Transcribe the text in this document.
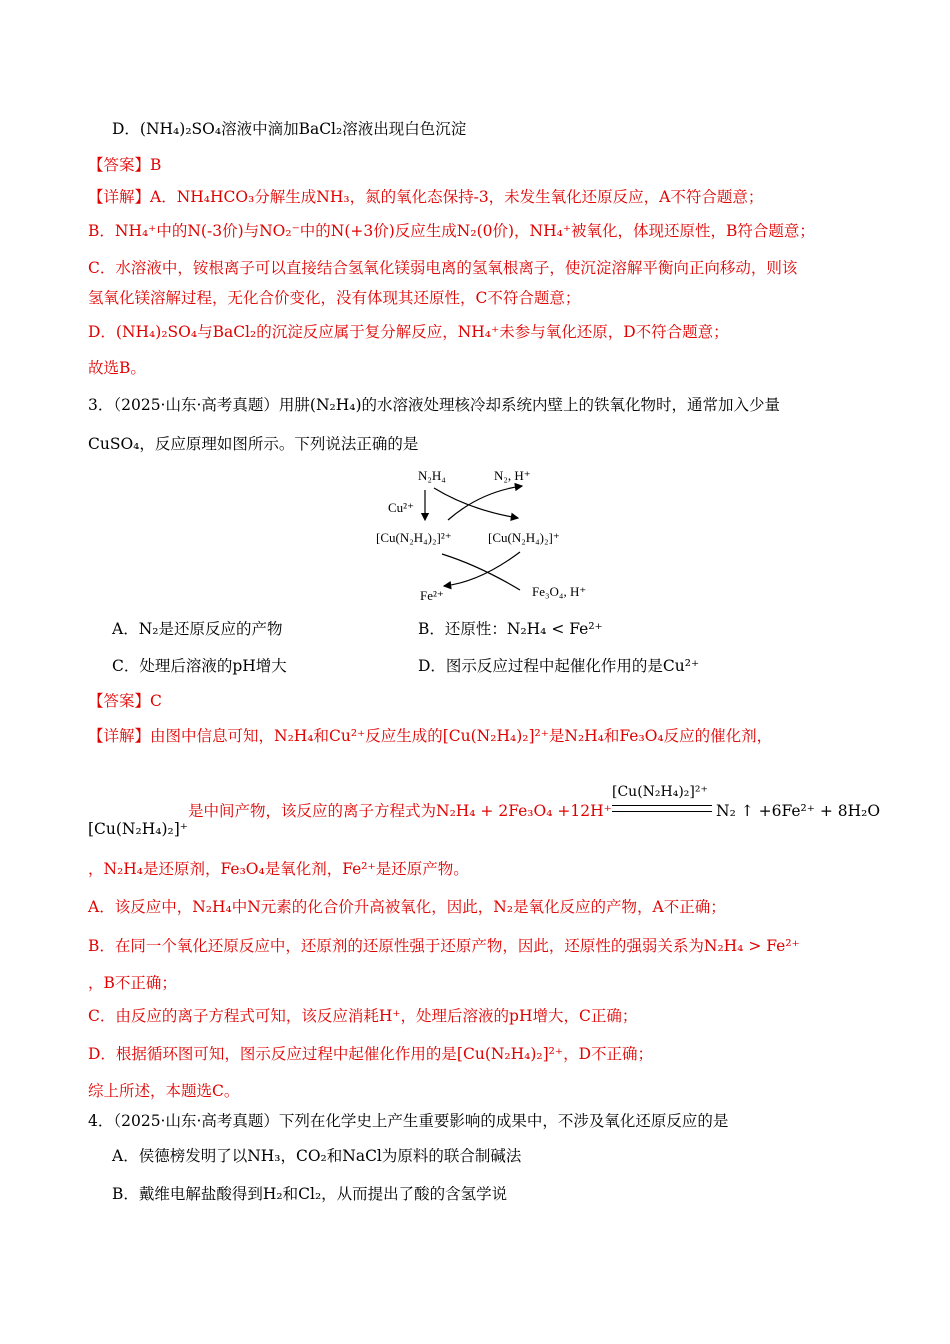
D．(NH₄)₂SO₄溶液中滴加BaCl₂溶液出现白色沉淀
【答案】B
【详解】A．NH₄HCO₃分解生成NH₃，氮的氧化态保持-3，未发生氧化还原反应，A不符合题意；
B．NH₄⁺中的N(-3价)与NO₂⁻中的N(+3价)反应生成N₂(0价)，NH₄⁺被氧化，体现还原性，B符合题意；
C．水溶液中，铵根离子可以直接结合氢氧化镁弱电离的氢氧根离子，使沉淀溶解平衡向正向移动，则该
氢氧化镁溶解过程，无化合价变化，没有体现其还原性，C不符合题意；
D．(NH₄)₂SO₄与BaCl₂的沉淀反应属于复分解反应，NH₄⁺未参与氧化还原，D不符合题意；
故选B。
3．（2025·山东·高考真题）用肼(N₂H₄)的水溶液处理核冷却系统内壁上的铁氧化物时，通常加入少量
CuSO₄，反应原理如图所示。下列说法正确的是
N₂H₄	N₂, H⁺
Cu²⁺
[Cu(N₂H₄)₂]²⁺	[Cu(N₂H₄)₂]⁺
Fe²⁺	Fe₃O₄, H⁺
A．N₂是还原反应的产物	B．还原性：N₂H₄ < Fe²⁺
C．处理后溶液的pH增大	D．图示反应过程中起催化作用的是Cu²⁺
【答案】C
【详解】由图中信息可知，N₂H₄和Cu²⁺反应生成的[Cu(N₂H₄)₂]²⁺是N₂H₄和Fe₃O₄反应的催化剂，
[Cu(N₂H₄)₂]²⁺
是中间产物，该反应的离子方程式为N₂H₄ + 2Fe₃O₄ +12H⁺	N₂ ↑ +6Fe²⁺ + 8H₂O
[Cu(N₂H₄)₂]⁺
，N₂H₄是还原剂，Fe₃O₄是氧化剂，Fe²⁺是还原产物。
A．该反应中，N₂H₄中N元素的化合价升高被氧化，因此，N₂是氧化反应的产物，A不正确；
B．在同一个氧化还原反应中，还原剂的还原性强于还原产物，因此，还原性的强弱关系为N₂H₄ > Fe²⁺
，B不正确；
C．由反应的离子方程式可知，该反应消耗H⁺，处理后溶液的pH增大，C正确；
D．根据循环图可知，图示反应过程中起催化作用的是[Cu(N₂H₄)₂]²⁺，D不正确；
综上所述，本题选C。
4．（2025·山东·高考真题）下列在化学史上产生重要影响的成果中，不涉及氧化还原反应的是
A．侯德榜发明了以NH₃，CO₂和NaCl为原料的联合制碱法
B．戴维电解盐酸得到H₂和Cl₂，从而提出了酸的含氢学说
